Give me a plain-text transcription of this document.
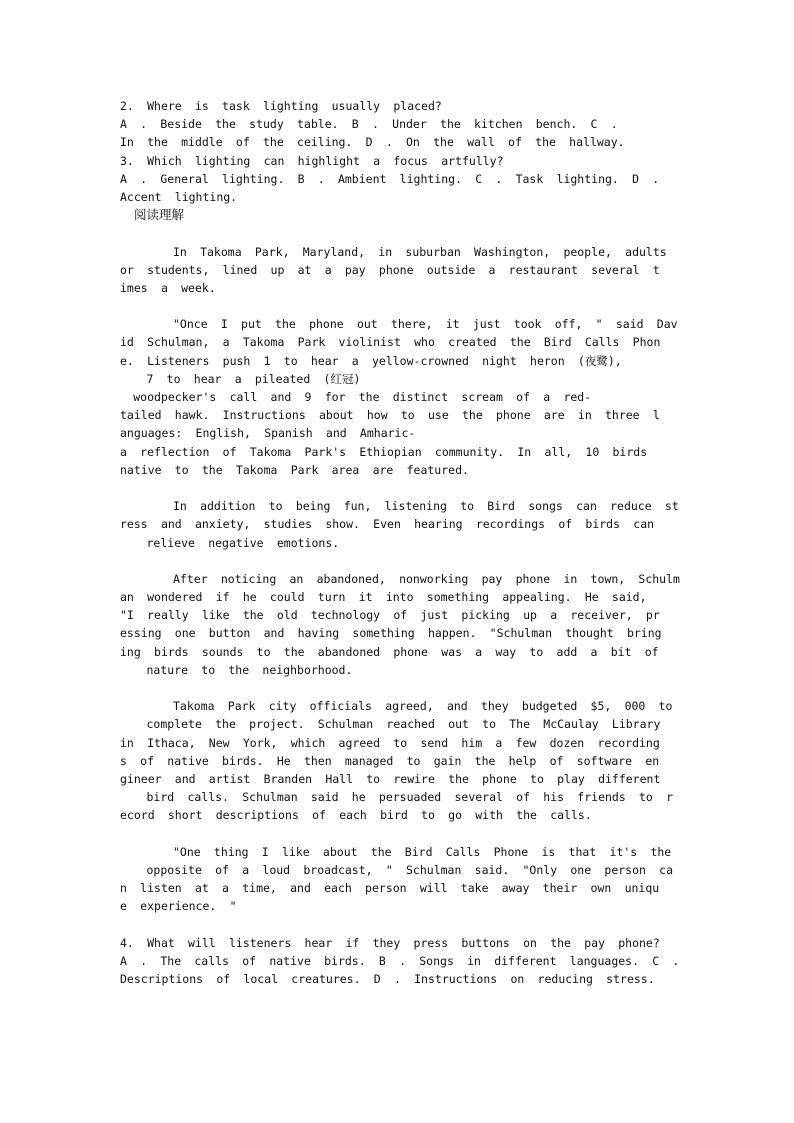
2. Where is task lighting usually placed?
A . Beside the study table. B . Under the kitchen bench. C .
In the middle of the ceiling. D . On the wall of the hallway.
3. Which lighting can highlight a focus artfully?
A . General lighting. B . Ambient lighting. C . Task lighting. D .
Accent lighting.
阅读理解
In Takoma Park, Maryland, in suburban Washington, people, adults
or students, lined up at a pay phone outside a restaurant several t
imes a week.
"Once I put the phone out there, it just took off, " said Dav
id Schulman, a Takoma Park violinist who created the Bird Calls Phon
e. Listeners push 1 to hear a yellow-crowned night heron (夜鹭),
7 to hear a pileated (红冠)
woodpecker's call and 9 for the distinct scream of a red-
tailed hawk. Instructions about how to use the phone are in three l
anguages: English, Spanish and Amharic-
a reflection of Takoma Park's Ethiopian community. In all, 10 birds
native to the Takoma Park area are featured.
In addition to being fun, listening to Bird songs can reduce st
ress and anxiety, studies show. Even hearing recordings of birds can
relieve negative emotions.
After noticing an abandoned, nonworking pay phone in town, Schulm
an wondered if he could turn it into something appealing. He said,
"I really like the old technology of just picking up a receiver, pr
essing one button and having something happen. "Schulman thought bring
ing birds sounds to the abandoned phone was a way to add a bit of
nature to the neighborhood.
Takoma Park city officials agreed, and they budgeted $5, 000 to
complete the project. Schulman reached out to The McCaulay Library
in Ithaca, New York, which agreed to send him a few dozen recording
s of native birds. He then managed to gain the help of software en
gineer and artist Branden Hall to rewire the phone to play different
bird calls. Schulman said he persuaded several of his friends to r
ecord short descriptions of each bird to go with the calls.
"One thing I like about the Bird Calls Phone is that it's the
opposite of a loud broadcast, " Schulman said. "Only one person ca
n listen at a time, and each person will take away their own uniqu
e experience. "
4. What will listeners hear if they press buttons on the pay phone?
A . The calls of native birds. B . Songs in different languages. C .
Descriptions of local creatures. D . Instructions on reducing stress.
